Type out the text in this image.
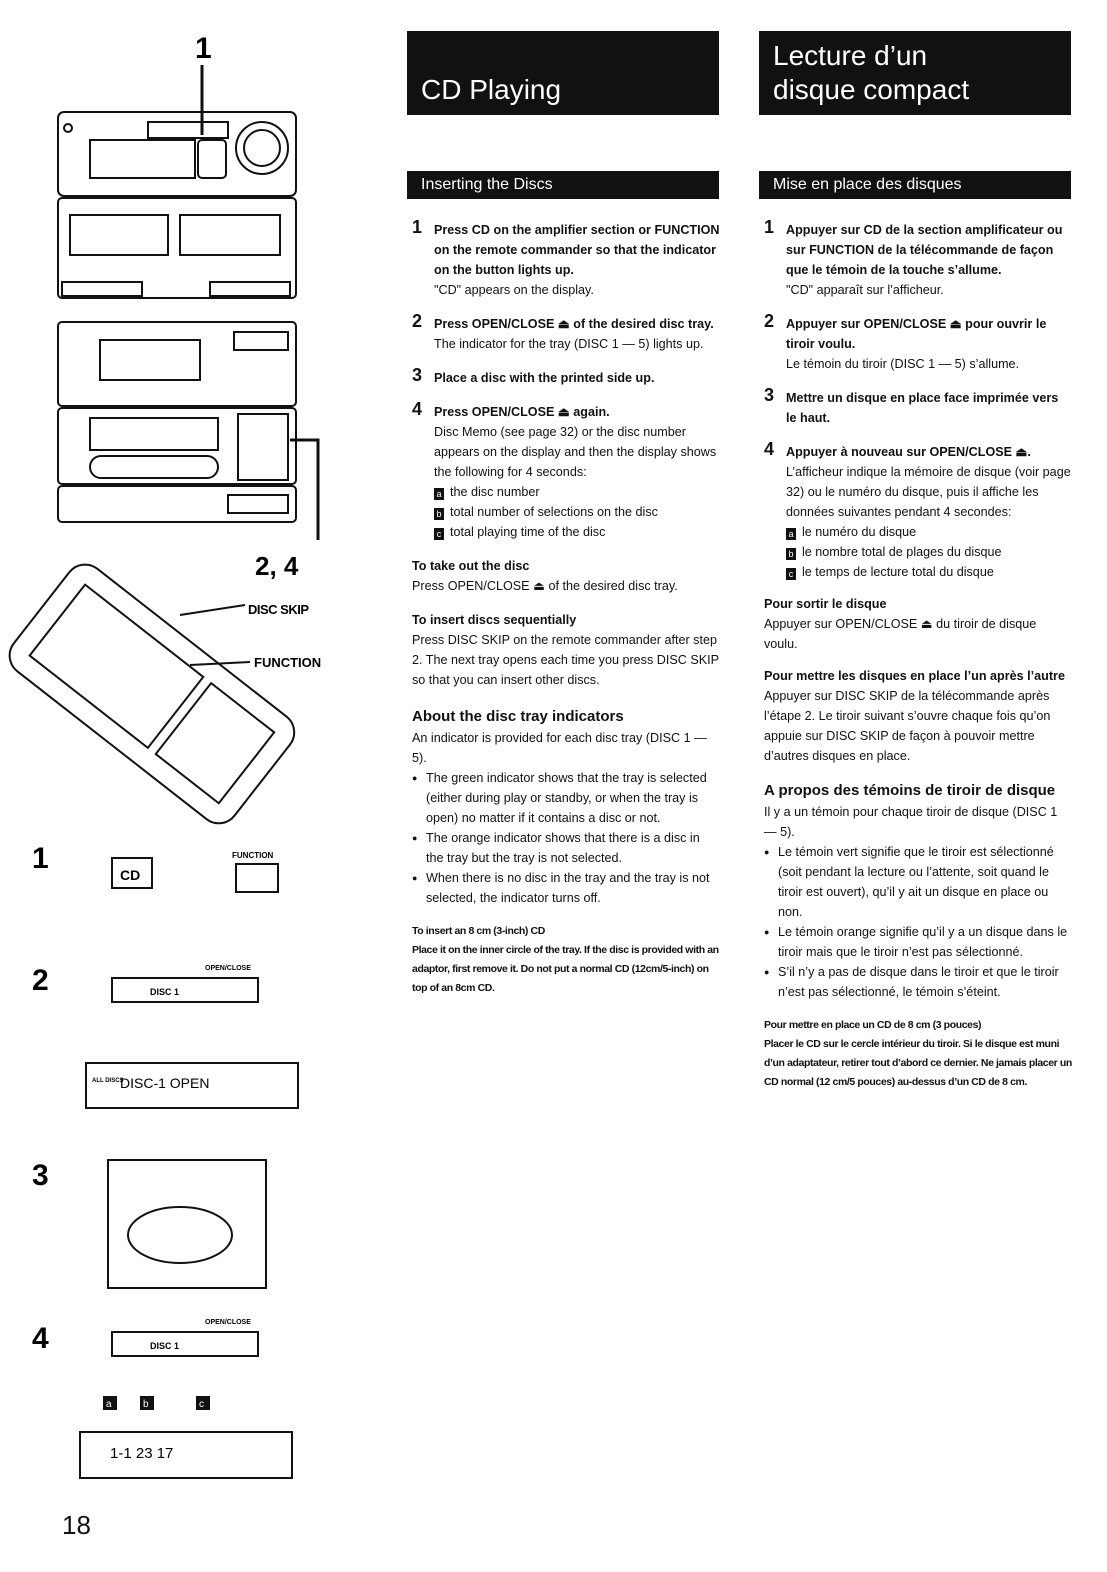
1
2, 4
DISC SKIP
FUNCTION
1	CD
FUNCTION
2	DISC 1
OPEN/CLOSE
ALL DISCS
DISC-1 OPEN
3
4	DISC 1
OPEN/CLOSE
a	b	c
1-1 23 17
18
CD Playing
Inserting the Discs
1 Press CD on the amplifier section or FUNCTION on the remote commander so that the indicator on the button lights up.
"CD" appears on the display.
2 Press OPEN/CLOSE ⏏ of the desired disc tray.
The indicator for the tray (DISC 1 — 5) lights up.
3 Place a disc with the printed side up.
4 Press OPEN/CLOSE ⏏ again.
Disc Memo (see page 32) or the disc number appears on the display and then the display shows the following for 4 seconds:
a the disc number
b total number of selections on the disc
c total playing time of the disc
To take out the disc
Press OPEN/CLOSE ⏏ of the desired disc tray.
To insert discs sequentially
Press DISC SKIP on the remote commander after step 2. The next tray opens each time you press DISC SKIP so that you can insert other discs.
About the disc tray indicators
An indicator is provided for each disc tray (DISC 1 — 5).
● The green indicator shows that the tray is selected (either during play or standby, or when the tray is open) no matter if it contains a disc or not.
● The orange indicator shows that there is a disc in the tray but the tray is not selected.
● When there is no disc in the tray and the tray is not selected, the indicator turns off.
To insert an 8 cm (3-inch) CD
Place it on the inner circle of the tray. If the disc is provided with an adaptor, first remove it. Do not put a normal CD (12cm/5-inch) on top of an 8cm CD.
Lecture d’un
disque compact
Mise en place des disques
1 Appuyer sur CD de la section amplificateur ou sur FUNCTION de la télécommande de façon que le témoin de la touche s’allume.
"CD" apparaît sur l’afficheur.
2 Appuyer sur OPEN/CLOSE ⏏ pour ouvrir le tiroir voulu.
Le témoin du tiroir (DISC 1 — 5) s’allume.
3 Mettre un disque en place face imprimée vers le haut.
4 Appuyer à nouveau sur OPEN/CLOSE ⏏.
L’afficheur indique la mémoire de disque (voir page 32) ou le numéro du disque, puis il affiche les données suivantes pendant 4 secondes:
a le numéro du disque
b le nombre total de plages du disque
c le temps de lecture total du disque
Pour sortir le disque
Appuyer sur OPEN/CLOSE ⏏ du tiroir de disque voulu.
Pour mettre les disques en place l’un après l’autre
Appuyer sur DISC SKIP de la télécommande après l’étape 2. Le tiroir suivant s’ouvre chaque fois qu’on appuie sur DISC SKIP de façon à pouvoir mettre d’autres disques en place.
A propos des témoins de tiroir de disque
Il y a un témoin pour chaque tiroir de disque (DISC 1 — 5).
● Le témoin vert signifie que le tiroir est sélectionné (soit pendant la lecture ou l’attente, soit quand le tiroir est ouvert), qu’il y ait un disque en place ou non.
● Le témoin orange signifie qu’il y a un disque dans le tiroir mais que le tiroir n’est pas sélectionné.
● S’il n’y a pas de disque dans le tiroir et que le tiroir n’est pas sélectionné, le témoin s’éteint.
Pour mettre en place un CD de 8 cm (3 pouces)
Placer le CD sur le cercle intérieur du tiroir. Si le disque est muni d’un adaptateur, retirer tout d’abord ce dernier. Ne jamais placer un CD normal (12 cm/5 pouces) au-dessus d’un CD de 8 cm.
